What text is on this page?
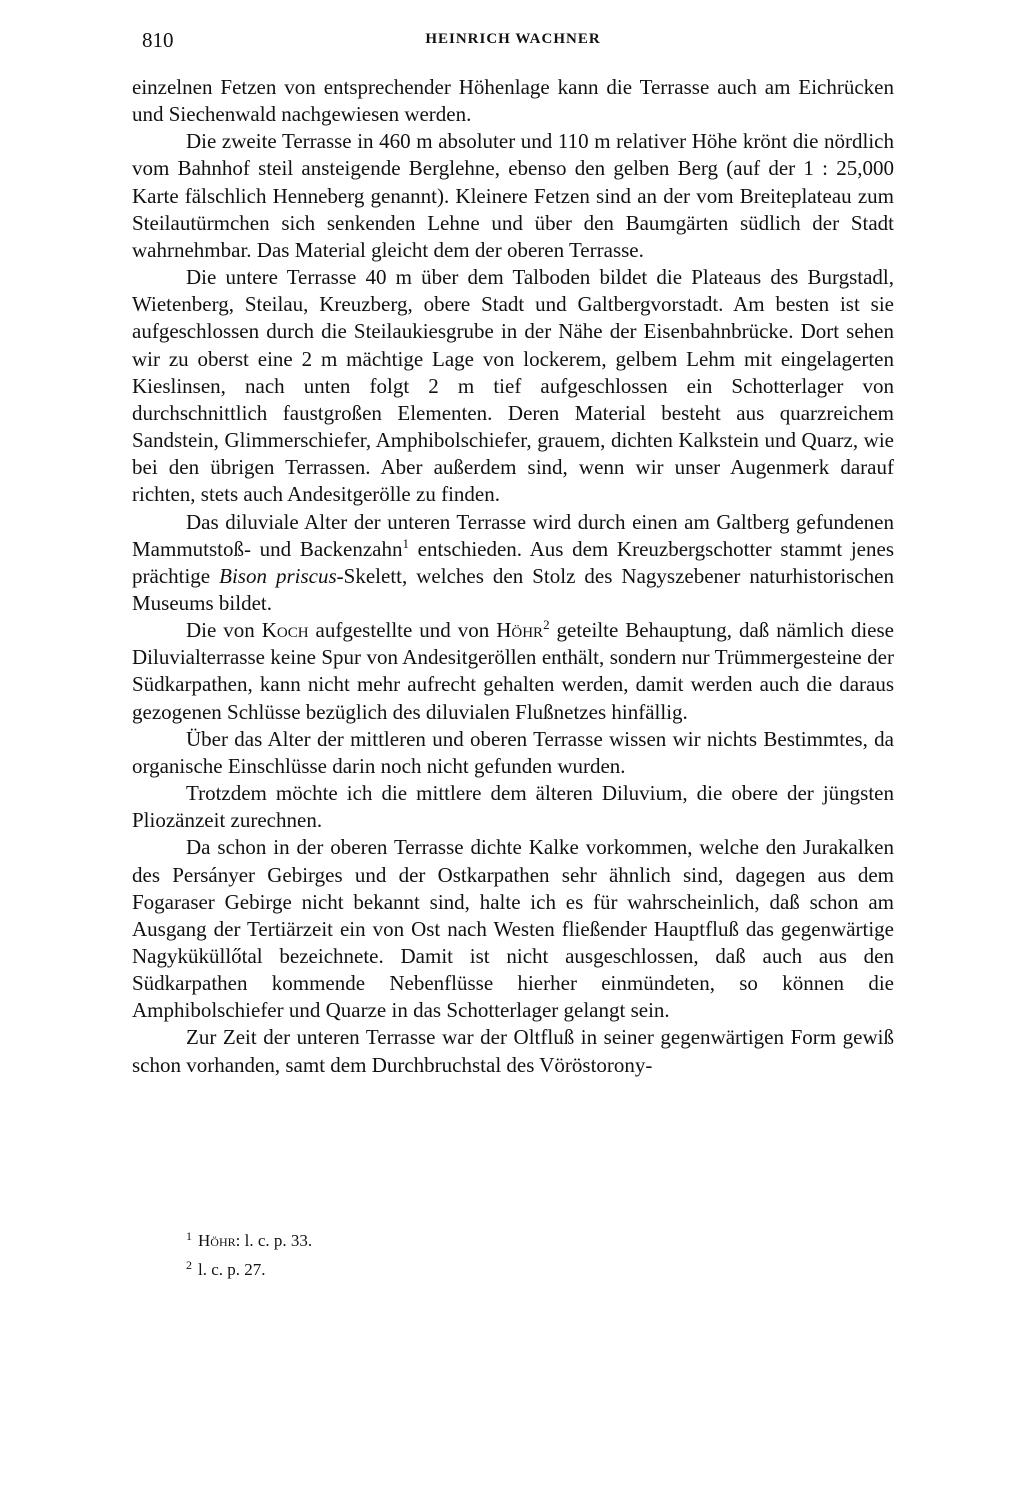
810	HEINRICH WACHNER

einzelnen Fetzen von entsprechender Höhenlage kann die Terrasse auch am Eichrücken und Siechenwald nachgewiesen werden.

Die zweite Terrasse in 460 m absoluter und 110 m relativer Höhe krönt die nördlich vom Bahnhof steil ansteigende Berglehne, ebenso den gelben Berg (auf der 1 : 25,000 Karte fälschlich Henneberg genannt). Kleinere Fetzen sind an der vom Breiteplateau zum Steilautürmchen sich senkenden Lehne und über den Baumgärten südlich der Stadt wahrnehmbar. Das Material gleicht dem der oberen Terrasse.

Die untere Terrasse 40 m über dem Talboden bildet die Plateaus des Burgstadl, Wietenberg, Steilau, Kreuzberg, obere Stadt und Galtbergvorstadt. Am besten ist sie aufgeschlossen durch die Steilaukiesgrube in der Nähe der Eisenbahnbrücke. Dort sehen wir zu oberst eine 2 m mächtige Lage von lockerem, gelbem Lehm mit eingelagerten Kieslinsen, nach unten folgt 2 m tief aufgeschlossen ein Schotterlager von durchschnittlich faustgroßen Elementen. Deren Material besteht aus quarzreichem Sandstein, Glimmerschiefer, Amphibolschiefer, grauem, dichten Kalkstein und Quarz, wie bei den übrigen Terrassen. Aber außerdem sind, wenn wir unser Augenmerk darauf richten, stets auch Andesitgerölle zu finden.

Das diluviale Alter der unteren Terrasse wird durch einen am Galtberg gefundenen Mammutstoß- und Backenzahn$^1$ entschieden. Aus dem Kreuzbergschotter stammt jenes prächtige Bison priscus-Skelett, welches den Stolz des Nagyszebener naturhistorischen Museums bildet.

Die von Koch aufgestellte und von Höhr$^2$ geteilte Behauptung, daß nämlich diese Diluvialterrasse keine Spur von Andesitgeröllen enthält, sondern nur Trümmergesteine der Südkarpathen, kann nicht mehr aufrecht gehalten werden, damit werden auch die daraus gezogenen Schlüsse bezüglich des diluvialen Flußnetzes hinfällig.

Über das Alter der mittleren und oberen Terrasse wissen wir nichts Bestimmtes, da organische Einschlüsse darin noch nicht gefunden wurden.

Trotzdem möchte ich die mittlere dem älteren Diluvium, die obere der jüngsten Pliozänzeit zurechnen.

Da schon in der oberen Terrasse dichte Kalke vorkommen, welche den Jurakalken des Persányer Gebirges und der Ostkarpathen sehr ähnlich sind, dagegen aus dem Fogaraser Gebirge nicht bekannt sind, halte ich es für wahrscheinlich, daß schon am Ausgang der Tertiärzeit ein von Ost nach Westen fließender Hauptfluß das gegenwärtige Nagyküküllőtal bezeichnete. Damit ist nicht ausgeschlossen, daß auch aus den Südkarpathen kommende Nebenflüsse hierher einmündeten, so können die Amphibolschiefer und Quarze in das Schotterlager gelangt sein.

Zur Zeit der unteren Terrasse war der Oltfluß in seiner gegenwärtigen Form gewiß schon vorhanden, samt dem Durchbruchstal des Vöröstorony-

$^1$ Höhr: l. c. p. 33.
$^2$ l. c. p. 27.
